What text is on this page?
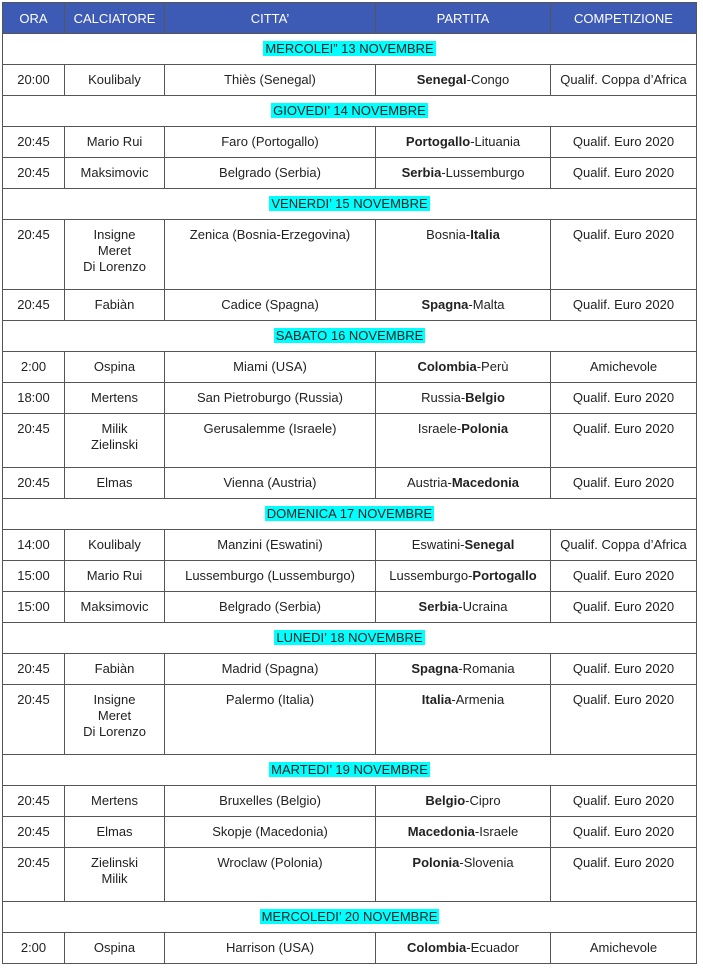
ORA	CALCIATORE	CITTA’	PARTITA	COMPETIZIONE
MERCOLEI” 13 NOVEMBRE				
20:00	Koulibaly	Thiès (Senegal)	Senegal-Congo	Qualif. Coppa d’Africa
GIOVEDI’ 14 NOVEMBRE				
20:45	Mario Rui	Faro (Portogallo)	Portogallo-Lituania	Qualif. Euro 2020
20:45	Maksimovic	Belgrado (Serbia)	Serbia-Lussemburgo	Qualif. Euro 2020
VENERDI’ 15 NOVEMBRE				
20:45	Insigne
Meret
Di Lorenzo	Zenica (Bosnia-Erzegovina)	Bosnia-Italia	Qualif. Euro 2020
20:45	Fabiàn	Cadice (Spagna)	Spagna-Malta	Qualif. Euro 2020
SABATO 16 NOVEMBRE				
2:00	Ospina	Miami (USA)	Colombia-Perù	Amichevole
18:00	Mertens	San Pietroburgo (Russia)	Russia-Belgio	Qualif. Euro 2020
20:45	Milik
Zielinski	Gerusalemme (Israele)	Israele-Polonia	Qualif. Euro 2020
20:45	Elmas	Vienna (Austria)	Austria-Macedonia	Qualif. Euro 2020
DOMENICA 17 NOVEMBRE				
14:00	Koulibaly	Manzini (Eswatini)	Eswatini-Senegal	Qualif. Coppa d’Africa
15:00	Mario Rui	Lussemburgo (Lussemburgo)	Lussemburgo-Portogallo	Qualif. Euro 2020
15:00	Maksimovic	Belgrado (Serbia)	Serbia-Ucraina	Qualif. Euro 2020
LUNEDI’ 18 NOVEMBRE				
20:45	Fabiàn	Madrid (Spagna)	Spagna-Romania	Qualif. Euro 2020
20:45	Insigne
Meret
Di Lorenzo	Palermo (Italia)	Italia-Armenia	Qualif. Euro 2020
MARTEDI’ 19 NOVEMBRE				
20:45	Mertens	Bruxelles (Belgio)	Belgio-Cipro	Qualif. Euro 2020
20:45	Elmas	Skopje (Macedonia)	Macedonia-Israele	Qualif. Euro 2020
20:45	Zielinski
Milik	Wroclaw (Polonia)	Polonia-Slovenia	Qualif. Euro 2020
MERCOLEDI’ 20 NOVEMBRE				
2:00	Ospina	Harrison (USA)	Colombia-Ecuador	Amichevole
